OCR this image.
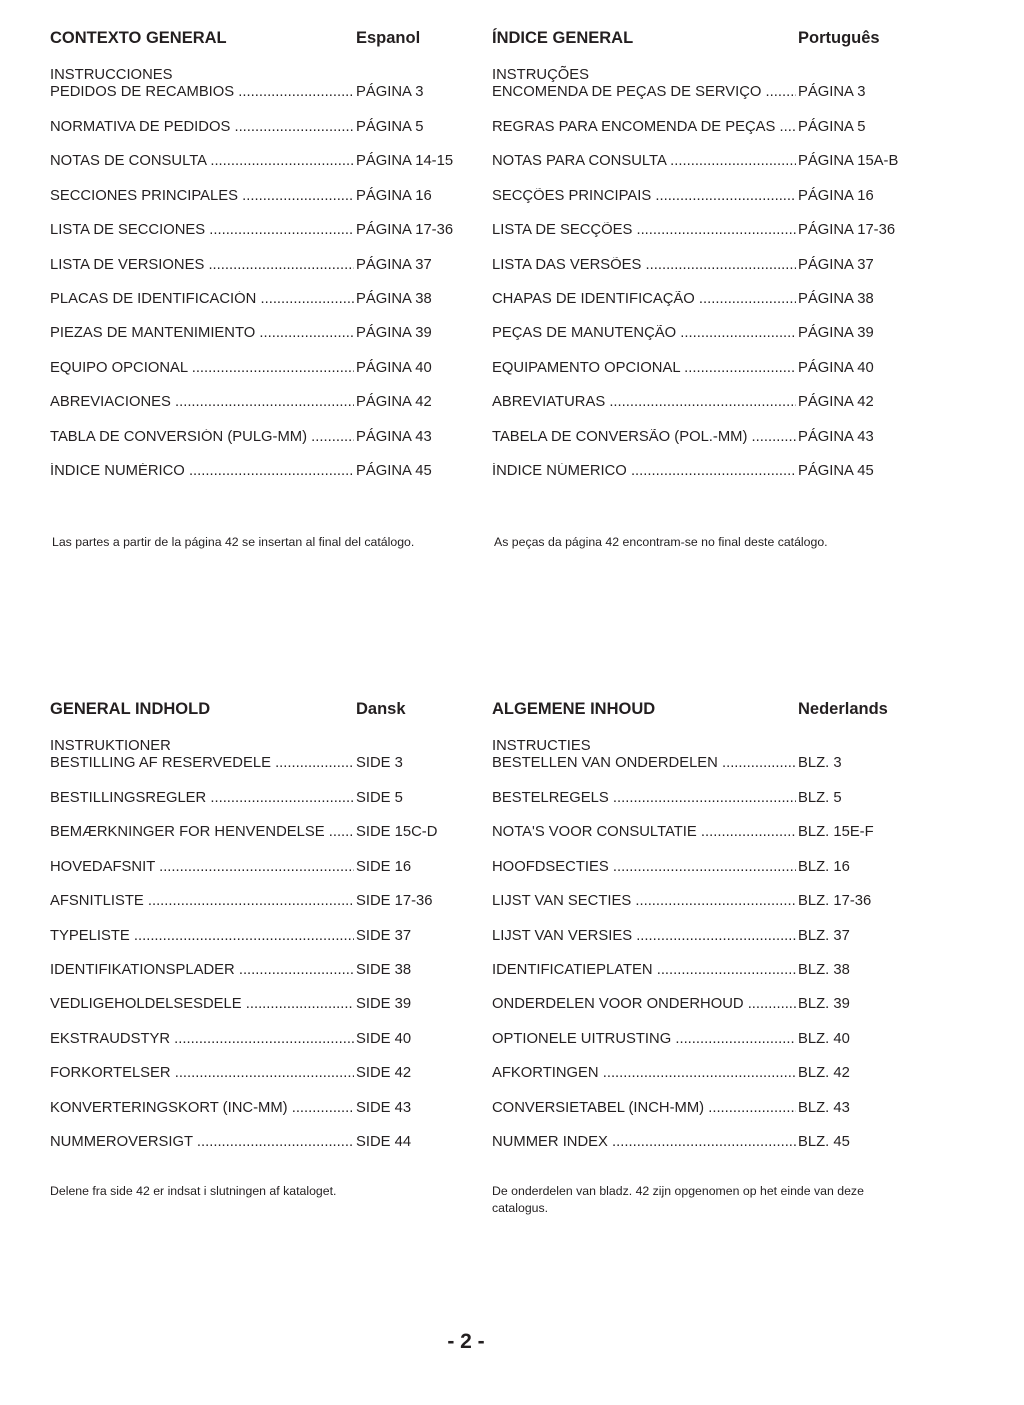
CONTEXTO GENERAL	Espanol
INSTRUCCIONES
PEDIDOS DE RECAMBIOS .....	PÁGINA 3
NORMATIVA DE PEDIDOS .....	PÁGINA 5
NOTAS DE CONSULTA .....	PÁGINA 14-15
SECCIONES PRINCIPALES .....	PÁGINA 16
LISTA DE SECCIONES .....	PÁGINA 17-36
LISTA DE VERSIONES .....	PÁGINA 37
PLACAS DE IDENTIFICACIÓN .....	PÁGINA 38
PIEZAS DE MANTENIMIENTO .....	PÁGINA 39
EQUIPO OPCIONAL .....	PÁGINA 40
ABREVIACIONES .....	PÁGINA 42
TABLA DE CONVERSIÓN (PULG-MM) .....	PÁGINA 43
ÍNDICE NUMÉRICO .....	PÁGINA 45
Las partes a partir de la página 42 se insertan al final del catálogo.
ÍNDICE GENERAL	Português
INSTRUÇÕES
ENCOMENDA DE PEÇAS DE SERVIÇO .....	PÁGINA 3
REGRAS PARA ENCOMENDA DE PEÇAS .....	PÁGINA 5
NOTAS PARA CONSULTA .....	PÁGINA 15A-B
SECÇÕES PRINCIPAIS .....	PÁGINA 16
LISTA DE SECÇÕES .....	PÁGINA 17-36
LISTA DAS VERSÕES .....	PÁGINA 37
CHAPAS DE IDENTIFICAÇÃO .....	PÁGINA 38
PEÇAS DE MANUTENÇÃO .....	PÁGINA 39
EQUIPAMENTO OPCIONAL .....	PÁGINA 40
ABREVIATURAS .....	PÁGINA 42
TABELA DE CONVERSÃO (POL.-MM) .....	PÁGINA 43
ÍNDICE NÚMERICO .....	PÁGINA 45
As peças da página 42 encontram-se no final deste catálogo.
GENERAL INDHOLD	Dansk
INSTRUKTIONER
BESTILLING AF RESERVEDELE .....	SIDE 3
BESTILLINGSREGLER .....	SIDE 5
BEMÆRKNINGER FOR HENVENDELSE .....	SIDE 15C-D
HOVEDAFSNIT .....	SIDE 16
AFSNITLISTE .....	SIDE 17-36
TYPELISTE .....	SIDE 37
IDENTIFIKATIONSPLADER .....	SIDE 38
VEDLIGEHOLDELSESDELE .....	SIDE 39
EKSTRAUDSTYR .....	SIDE 40
FORKORTELSER .....	SIDE 42
KONVERTERINGSKORT (INC-MM) .....	SIDE 43
NUMMEROVERSIGT .....	SIDE 44
Delene fra side 42 er indsat i slutningen af kataloget.
ALGEMENE INHOUD	Nederlands
INSTRUCTIES
BESTELLEN VAN ONDERDELEN .....	BLZ. 3
BESTELREGELS .....	BLZ. 5
NOTA'S VOOR CONSULTATIE .....	BLZ. 15E-F
HOOFDSECTIES .....	BLZ. 16
LIJST VAN SECTIES .....	BLZ. 17-36
LIJST VAN VERSIES .....	BLZ. 37
IDENTIFICATIEPLATEN .....	BLZ. 38
ONDERDELEN VOOR ONDERHOUD .....	BLZ. 39
OPTIONELE UITRUSTING .....	BLZ. 40
AFKORTINGEN .....	BLZ. 42
CONVERSIETABEL (INCH-MM) .....	BLZ. 43
NUMMER INDEX .....	BLZ. 45
De onderdelen van bladz. 42 zijn opgenomen op het einde van deze catalogus.
- 2 -
